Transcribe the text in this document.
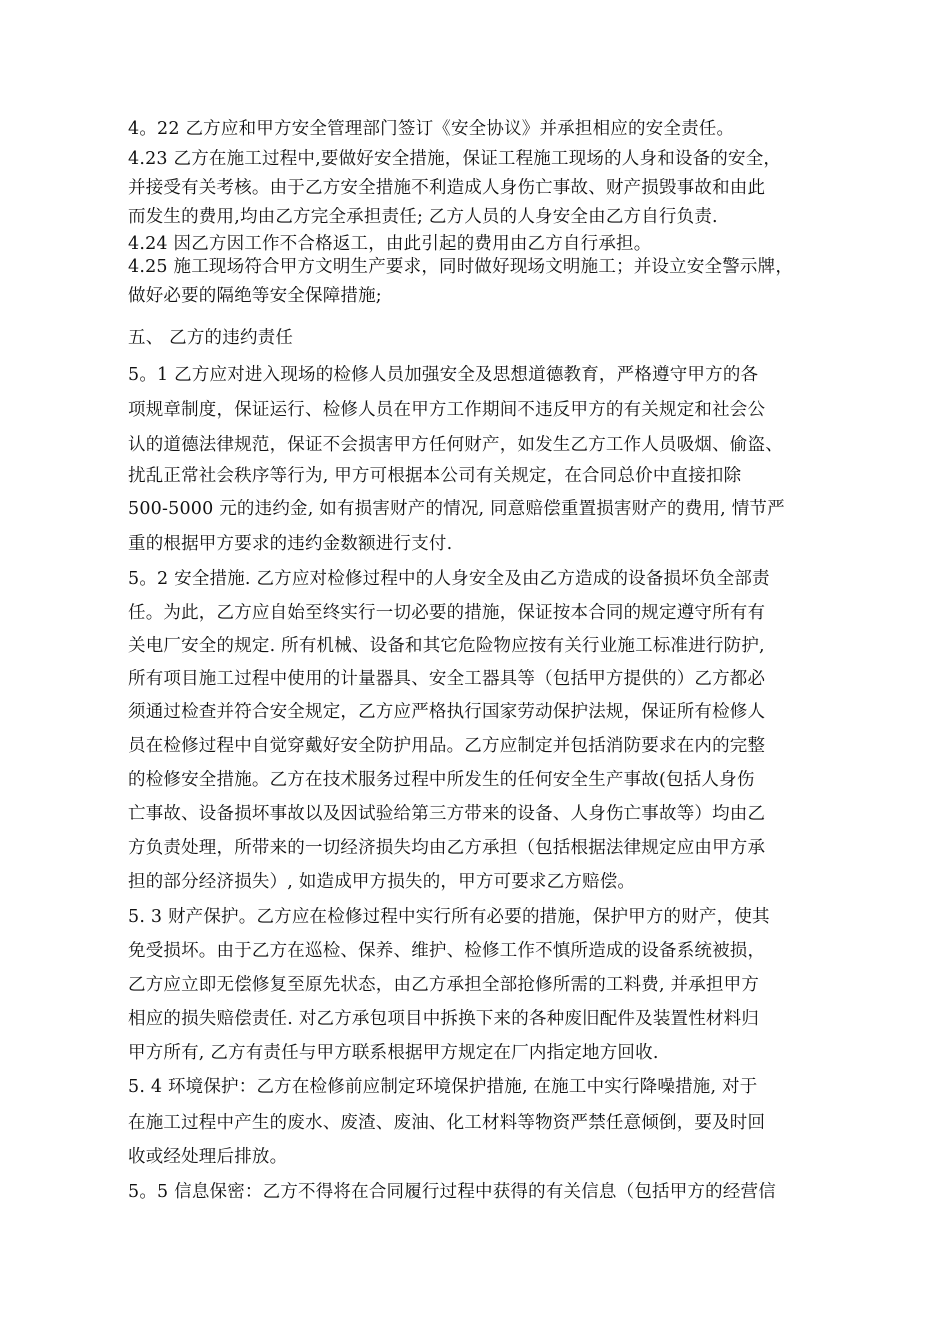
4。22 乙方应和甲方安全管理部门签订《安全协议》并承担相应的安全责任。
4.23 乙方在施工过程中,要做好安全措施，保证工程施工现场的人身和设备的安全，
并接受有关考核。由于乙方安全措施不利造成人身伤亡事故、财产损毁事故和由此
而发生的费用,均由乙方完全承担责任; 乙方人员的人身安全由乙方自行负责.
4.24 因乙方因工作不合格返工，由此引起的费用由乙方自行承担。
4.25 施工现场符合甲方文明生产要求，同时做好现场文明施工；并设立安全警示牌，
做好必要的隔绝等安全保障措施;
五、 乙方的违约责任
5。1 乙方应对进入现场的检修人员加强安全及思想道德教育，严格遵守甲方的各
项规章制度，保证运行、检修人员在甲方工作期间不违反甲方的有关规定和社会公
认的道德法律规范，保证不会损害甲方任何财产，如发生乙方工作人员吸烟、偷盗、
扰乱正常社会秩序等行为, 甲方可根据本公司有关规定，在合同总价中直接扣除
500-5000 元的违约金, 如有损害财产的情况, 同意赔偿重置损害财产的费用, 情节严
重的根据甲方要求的违约金数额进行支付.
5。2 安全措施. 乙方应对检修过程中的人身安全及由乙方造成的设备损坏负全部责
任。为此，乙方应自始至终实行一切必要的措施，保证按本合同的规定遵守所有有
关电厂安全的规定. 所有机械、设备和其它危险物应按有关行业施工标准进行防护,
所有项目施工过程中使用的计量器具、安全工器具等（包括甲方提供的）乙方都必
须通过检查并符合安全规定，乙方应严格执行国家劳动保护法规，保证所有检修人
员在检修过程中自觉穿戴好安全防护用品。乙方应制定并包括消防要求在内的完整
的检修安全措施。乙方在技术服务过程中所发生的任何安全生产事故(包括人身伤
亡事故、设备损坏事故以及因试验给第三方带来的设备、人身伤亡事故等）均由乙
方负责处理，所带来的一切经济损失均由乙方承担（包括根据法律规定应由甲方承
担的部分经济损失）, 如造成甲方损失的，甲方可要求乙方赔偿。
5. 3 财产保护。乙方应在检修过程中实行所有必要的措施，保护甲方的财产，使其
免受损坏。由于乙方在巡检、保养、维护、检修工作不慎所造成的设备系统被损，
乙方应立即无偿修复至原先状态，由乙方承担全部抢修所需的工料费, 并承担甲方
相应的损失赔偿责任. 对乙方承包项目中拆换下来的各种废旧配件及装置性材料归
甲方所有, 乙方有责任与甲方联系根据甲方规定在厂内指定地方回收.
5. 4 环境保护：乙方在检修前应制定环境保护措施, 在施工中实行降噪措施, 对于
在施工过程中产生的废水、废渣、废油、化工材料等物资严禁任意倾倒，要及时回
收或经处理后排放。
5。5 信息保密：乙方不得将在合同履行过程中获得的有关信息（包括甲方的经营信
